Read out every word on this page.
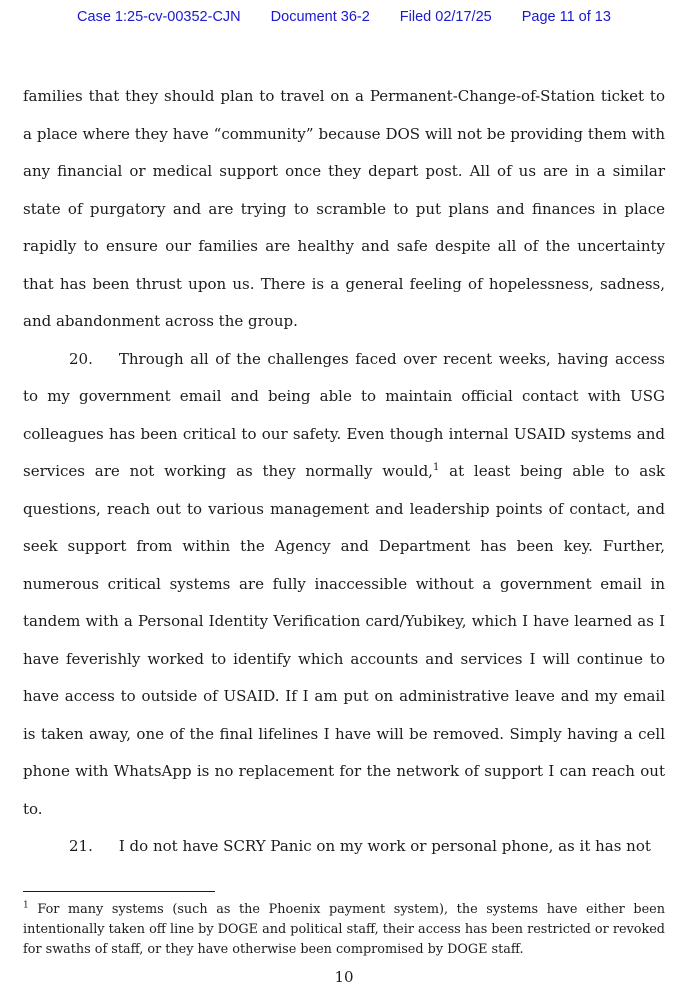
Case 1:25-cv-00352-CJN Document 36-2 Filed 02/17/25 Page 11 of 13

families that they should plan to travel on a Permanent-Change-of-Station ticket to a place where they have “community” because DOS will not be providing them with any financial or medical support once they depart post. All of us are in a similar state of purgatory and are trying to scramble to put plans and finances in place rapidly to ensure our families are healthy and safe despite all of the uncertainty that has been thrust upon us. There is a general feeling of hopelessness, sadness, and abandonment across the group.

20. Through all of the challenges faced over recent weeks, having access to my government email and being able to maintain official contact with USG colleagues has been critical to our safety. Even though internal USAID systems and services are not working as they normally would,$^1$ at least being able to ask questions, reach out to various management and leadership points of contact, and seek support from within the Agency and Department has been key. Further, numerous critical systems are fully inaccessible without a government email in tandem with a Personal Identity Verification card/Yubikey, which I have learned as I have feverishly worked to identify which accounts and services I will continue to have access to outside of USAID. If I am put on administrative leave and my email is taken away, one of the final lifelines I have will be removed. Simply having a cell phone with WhatsApp is no replacement for the network of support I can reach out to.

21. I do not have SCRY Panic on my work or personal phone, as it has not

$^1$ For many systems (such as the Phoenix payment system), the systems have either been intentionally taken off line by DOGE and political staff, their access has been restricted or revoked for swaths of staff, or they have otherwise been compromised by DOGE staff.
10
